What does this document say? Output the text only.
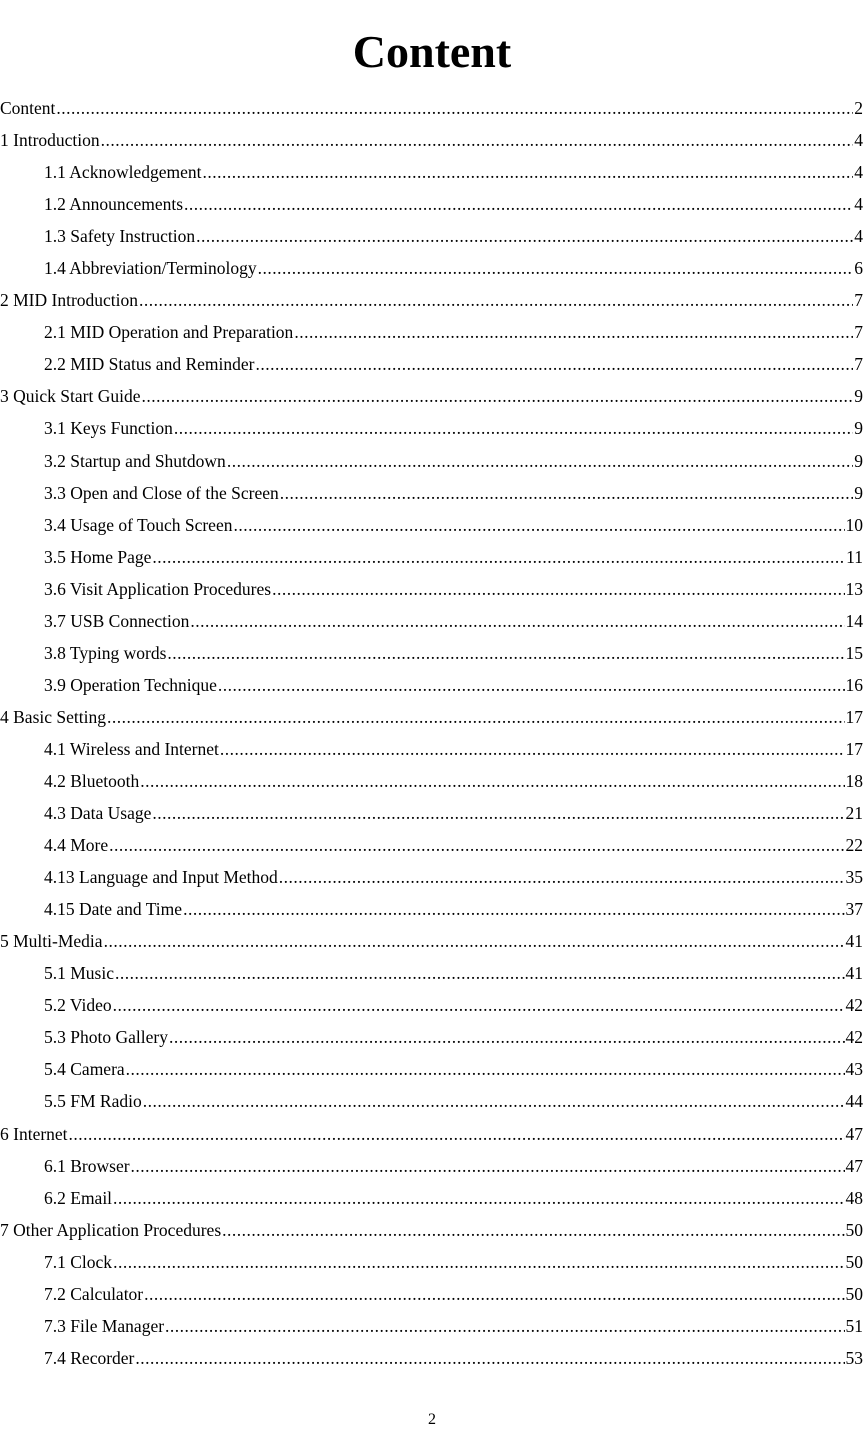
Content
Content .....	2
1 Introduction .....	4
1.1 Acknowledgement .....	4
1.2 Announcements .....	4
1.3 Safety Instruction .....	4
1.4 Abbreviation/Terminology .....	6
2 MID Introduction .....	7
2.1 MID Operation and Preparation .....	7
2.2 MID Status and Reminder .....	7
3 Quick Start Guide .....	9
3.1 Keys Function .....	9
3.2 Startup and Shutdown .....	9
3.3 Open and Close of the Screen .....	9
3.4 Usage of Touch Screen .....	10
3.5 Home Page .....	11
3.6 Visit Application Procedures .....	13
3.7 USB Connection .....	14
3.8 Typing words .....	15
3.9 Operation Technique .....	16
4 Basic Setting .....	17
4.1 Wireless and Internet .....	17
4.2 Bluetooth .....	18
4.3 Data Usage .....	21
4.4 More .....	22
4.13 Language and Input Method .....	35
4.15 Date and Time .....	37
5 Multi-Media .....	41
5.1 Music .....	41
5.2 Video .....	42
5.3 Photo Gallery .....	42
5.4 Camera .....	43
5.5 FM Radio .....	44
6 Internet .....	47
6.1 Browser .....	47
6.2 Email .....	48
7 Other Application Procedures .....	50
7.1 Clock .....	50
7.2 Calculator .....	50
7.3 File Manager .....	51
7.4 Recorder .....	53
2
